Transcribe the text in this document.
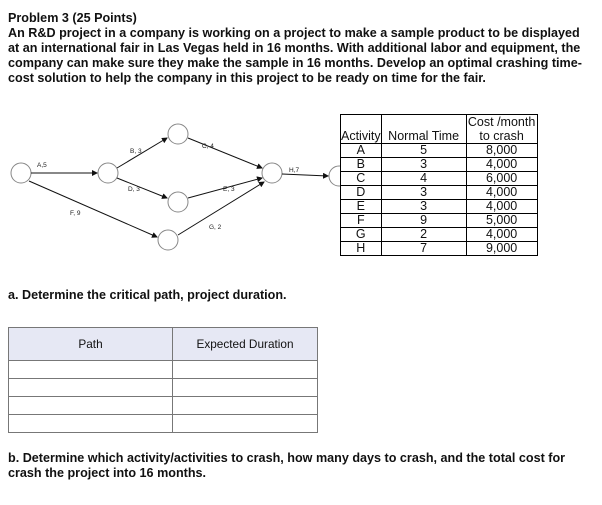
Problem 3 (25 Points)
An R&D project in a company is working on a project to make a sample product to be displayed at an international fair in Las Vegas held in 16 months. With additional labor and equipment, the company can make sure they make the sample in 16 months. Develop an optimal crashing time-cost solution to help the company in this project to be ready on time for the fair.
A,5
B, 3
C, 4
D, 3	E, 3
F, 9
G, 2
H,7
Activity	Normal Time	Cost /month to crash
A	5	8,000
B	3	4,000
C	4	6,000
D	3	4,000
E	3	4,000
F	9	5,000
G	2	4,000
H	7	9,000
a. Determine the critical path, project duration.
Path	Expected Duration

b. Determine which activity/activities to crash, how many days to crash, and the total cost for crash the project into 16 months.
